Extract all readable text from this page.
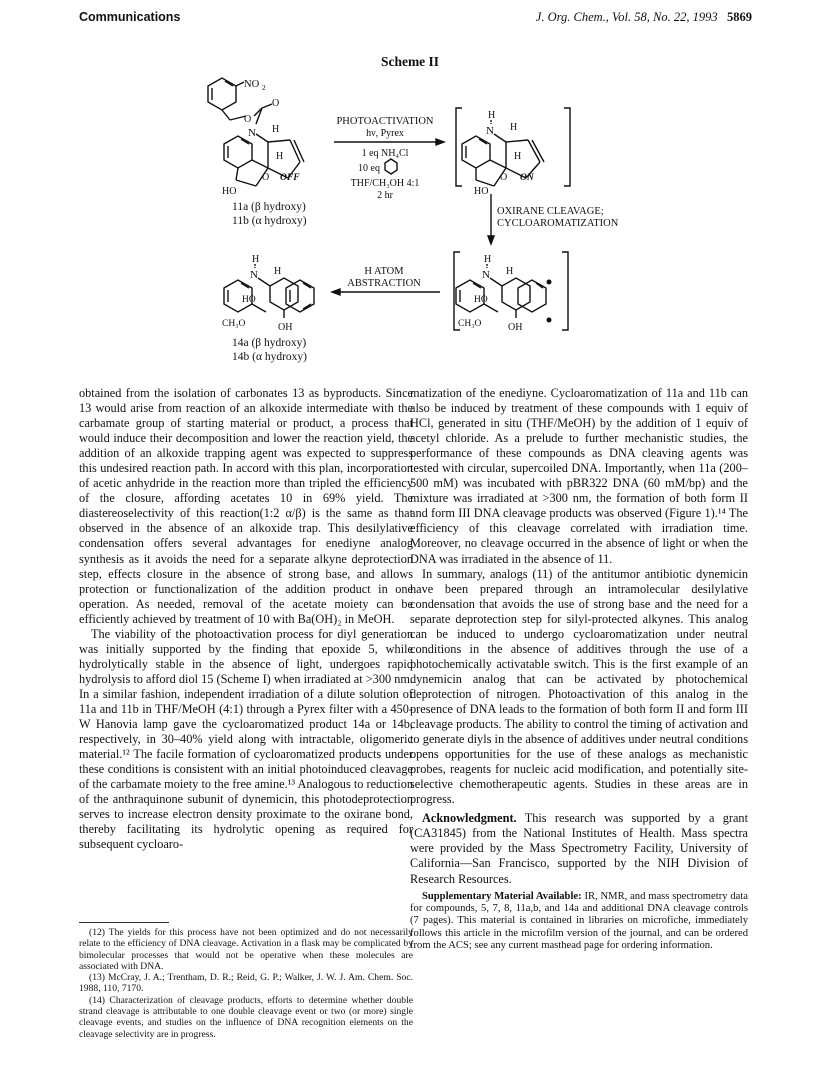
Communications	J. Org. Chem., Vol. 58, No. 22, 1993 5869
Scheme II
NO 2
O
O
N H
H
O OFF
HO
11a (β hydroxy)
11b (α hydroxy)
PHOTOACTIVATION
hν, Pyrex
1 eq NH₄Cl
10 eq
THF/CH₃OH 4:1
2 hr
H
N H
H
O ON
HO
OXIRANE CLEAVAGE;
CYCLOAROMATIZATION
H
N H
HO
CH₃O	OH
H ATOM
ABSTRACTION
H
N H
HO
CH₃O	OH
14a (β hydroxy)
14b (α hydroxy)

obtained from the isolation of carbonates 13 as byproducts. Since 13 would arise from reaction of an alkoxide intermediate with the carbamate group of starting material or product, a process that would induce their decomposition and lower the reaction yield, the addition of an alkoxide trapping agent was expected to suppress this undesired reaction path. In accord with this plan, incorporation of acetic anhydride in the reaction more than tripled the efficiency of the closure, affording acetates 10 in 69% yield. The diastereoselectivity of this reaction(1:2 α/β) is the same as that observed in the absence of an alkoxide trap. This desilylative condensation offers several advantages for enediyne analog synthesis as it avoids the need for a separate alkyne deprotection step, effects closure in the absence of strong base, and allows protection or functionalization of the addition product in one operation. As needed, removal of the acetate moiety can be efficiently achieved by treatment of 10 with Ba(OH)₂ in MeOH.

The viability of the photoactivation process for diyl generation was initially supported by the finding that epoxide 5, while hydrolytically stable in the absence of light, undergoes rapid hydrolysis to afford diol 15 (Scheme I) when irradiated at >300 nm. In a similar fashion, independent irradiation of a dilute solution of 11a and 11b in THF/MeOH (4:1) through a Pyrex filter with a 450-W Hanovia lamp gave the cycloaromatized product 14a or 14b, respectively, in 30–40% yield along with intractable, oligomeric material.¹² The facile formation of cycloaromatized products under these conditions is consistent with an initial photoinduced cleavage of the carbamate moiety to the free amine.¹³ Analogous to reduction of the anthraquinone subunit of dynemicin, this photodeprotection serves to increase electron density proximate to the oxirane bond, thereby facilitating its hydrolytic opening as required for subsequent cycloaro-

matization of the enediyne. Cycloaromatization of 11a and 11b can also be induced by treatment of these compounds with 1 equiv of HCl, generated in situ (THF/MeOH) by the addition of 1 equiv of acetyl chloride. As a prelude to further mechanistic studies, the performance of these compounds as DNA cleaving agents was tested with circular, supercoiled DNA. Importantly, when 11a (200–500 mM) was incubated with pBR322 DNA (60 mM/bp) and the mixture was irradiated at >300 nm, the formation of both form II and form III DNA cleavage products was observed (Figure 1).¹⁴ The efficiency of this cleavage correlated with irradiation time. Moreover, no cleavage occurred in the absence of light or when the DNA was irradiated in the absence of 11.

In summary, analogs (11) of the antitumor antibiotic dynemicin have been prepared through an intramolecular desilylative condensation that avoids the use of strong base and the need for a separate deprotection step for silyl-protected alkynes. This analog can be induced to undergo cycloaromatization under neutral conditions in the absence of additives through the use of a photochemically activatable switch. This is the first example of an dynemicin analog that can be activated by photochemical deprotection of nitrogen. Photoactivation of this analog in the presence of DNA leads to the formation of both form II and form III cleavage products. The ability to control the timing of activation and to generate diyls in the absence of additives under neutral conditions opens opportunities for the use of these analogs as mechanistic probes, reagents for nucleic acid modification, and potentially site-selective chemotherapeutic agents. Studies in these areas are in progress.

Acknowledgment. This research was supported by a grant (CA31845) from the National Institutes of Health. Mass spectra were provided by the Mass Spectrometry Facility, University of California—San Francisco, supported by the NIH Division of Research Resources.

Supplementary Material Available: IR, NMR, and mass spectrometry data for compounds, 5, 7, 8, 11a,b, and 14a and additional DNA cleavage controls (7 pages). This material is contained in libraries on microfiche, immediately follows this article in the microfilm version of the journal, and can be ordered from the ACS; see any current masthead page for ordering information.

(12) The yields for this process have not been optimized and do not necessarily relate to the efficiency of DNA cleavage. Activation in a flask may be complicated by bimolecular processes that would not be operative when these molecules are associated with DNA.

(13) McCray, J. A.; Trentham, D. R.; Reid, G. P.; Walker, J. W. J. Am. Chem. Soc. 1988, 110, 7170.

(14) Characterization of cleavage products, efforts to determine whether double strand cleavage is attributable to one double cleavage event or two (or more) single cleavage events, and studies on the influence of DNA recognition elements on the cleavage selectivity are in progress.
